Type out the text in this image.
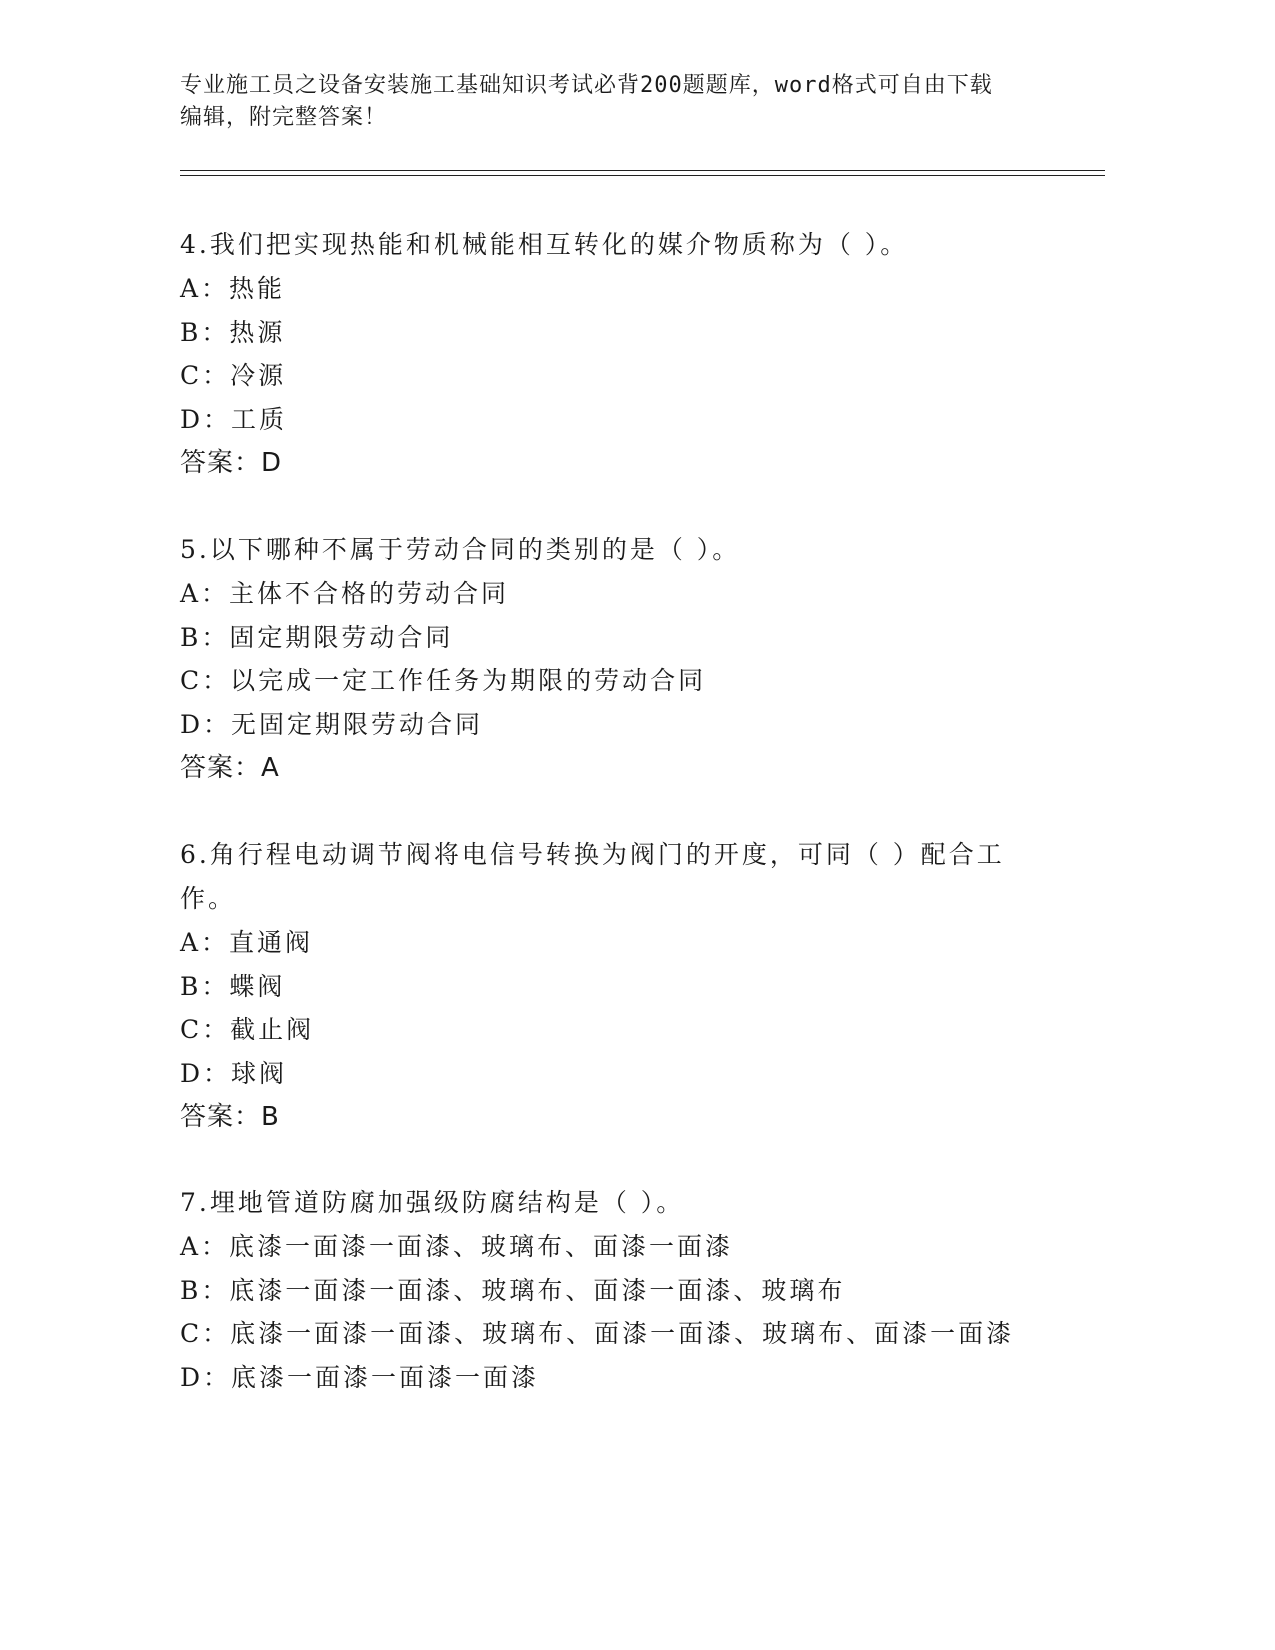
专业施工员之设备安装施工基础知识考试必背200题题库，word格式可自由下载
编辑，附完整答案！
4.我们把实现热能和机械能相互转化的媒介物质称为（ ）。
A：热能
B：热源
C：冷源
D：工质
答案：D
5.以下哪种不属于劳动合同的类别的是（ ）。
A：主体不合格的劳动合同
B：固定期限劳动合同
C：以完成一定工作任务为期限的劳动合同
D：无固定期限劳动合同
答案：A
6.角行程电动调节阀将电信号转换为阀门的开度，可同（ ）配合工作。
A：直通阀
B：蝶阀
C：截止阀
D：球阀
答案：B
7.埋地管道防腐加强级防腐结构是（ ）。
A：底漆一面漆一面漆、玻璃布、面漆一面漆
B：底漆一面漆一面漆、玻璃布、面漆一面漆、玻璃布
C：底漆一面漆一面漆、玻璃布、面漆一面漆、玻璃布、面漆一面漆
D：底漆一面漆一面漆一面漆
